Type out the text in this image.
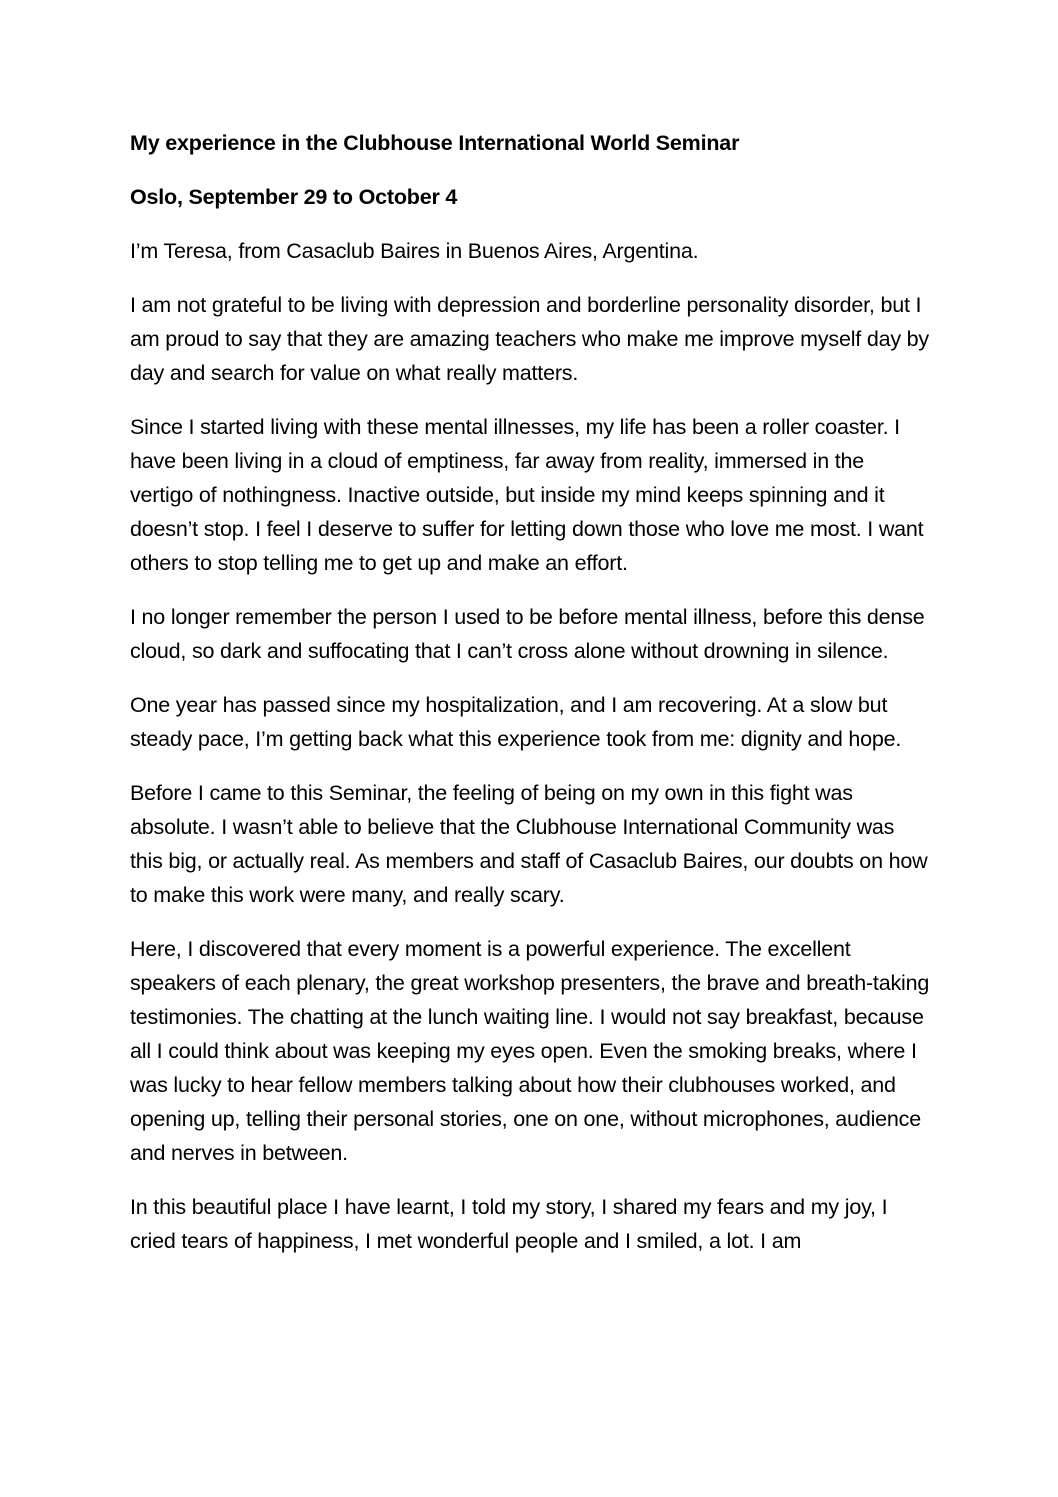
My experience in the Clubhouse International World Seminar
Oslo, September 29 to October 4

I’m Teresa, from Casaclub Baires in Buenos Aires, Argentina.

I am not grateful to be living with depression and borderline personality disorder, but I am proud to say that they are amazing teachers who make me improve myself day by day and search for value on what really matters.

Since I started living with these mental illnesses, my life has been a roller coaster. I have been living in a cloud of emptiness, far away from reality, immersed in the vertigo of nothingness. Inactive outside, but inside my mind keeps spinning and it doesn’t stop. I feel I deserve to suffer for letting down those who love me most. I want others to stop telling me to get up and make an effort.

I no longer remember the person I used to be before mental illness, before this dense cloud, so dark and suffocating that I can’t cross alone without drowning in silence.

One year has passed since my hospitalization, and I am recovering. At a slow but steady pace, I’m getting back what this experience took from me: dignity and hope.

Before I came to this Seminar, the feeling of being on my own in this fight was absolute. I wasn’t able to believe that the Clubhouse International Community was this big, or actually real. As members and staff of Casaclub Baires, our doubts on how to make this work were many, and really scary.

Here, I discovered that every moment is a powerful experience. The excellent speakers of each plenary, the great workshop presenters, the brave and breath-taking testimonies. The chatting at the lunch waiting line. I would not say breakfast, because all I could think about was keeping my eyes open. Even the smoking breaks, where I was lucky to hear fellow members talking about how their clubhouses worked, and opening up, telling their personal stories, one on one, without microphones, audience and nerves in between.

In this beautiful place I have learnt, I told my story, I shared my fears and my joy, I cried tears of happiness, I met wonderful people and I smiled, a lot. I am
